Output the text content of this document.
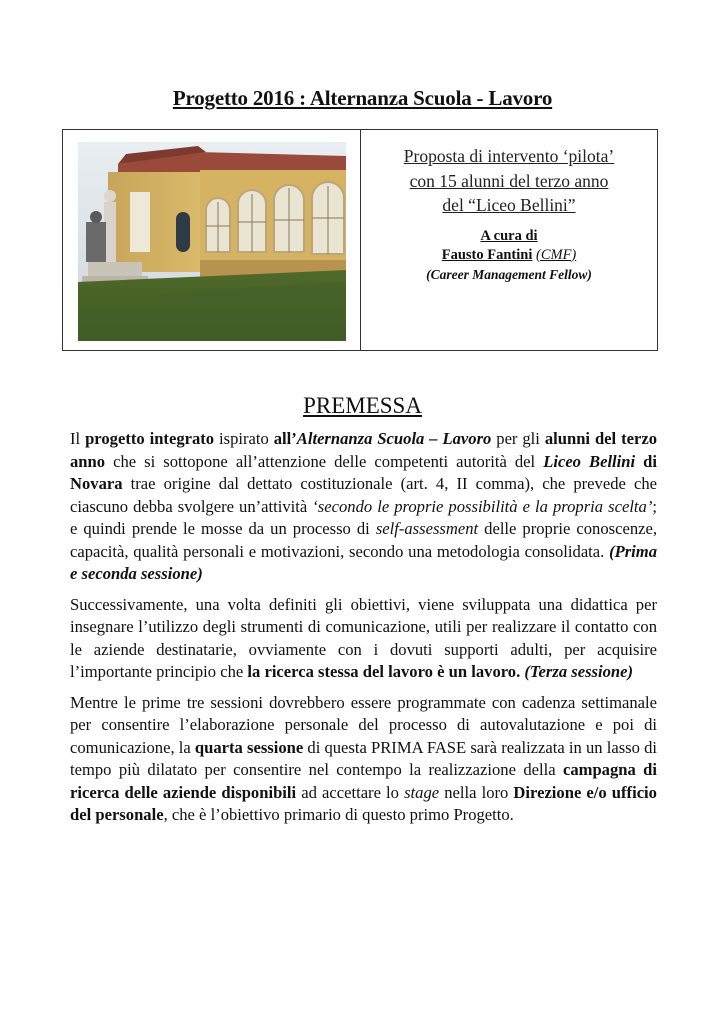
Progetto 2016 : Alternanza Scuola - Lavoro
Proposta di intervento ‘pilota’
con 15 alunni del terzo anno
del “Liceo Bellini”
A cura di
Fausto Fantini (CMF)
(Career Management Fellow)
PREMESSA

Il progetto integrato ispirato all’Alternanza Scuola – Lavoro per gli alunni del terzo anno che si sottopone all’attenzione delle competenti autorità del Liceo Bellini di Novara trae origine dal dettato costituzionale (art. 4, II comma), che prevede che ciascuno debba svolgere un’attività ‘secondo le proprie possibilità e la propria scelta’; e quindi prende le mosse da un processo di self-assessment delle proprie conoscenze, capacità, qualità personali e motivazioni, secondo una metodologia consolidata. (Prima e seconda sessione)

Successivamente, una volta definiti gli obiettivi, viene sviluppata una didattica per insegnare l’utilizzo degli strumenti di comunicazione, utili per realizzare il contatto con le aziende destinatarie, ovviamente con i dovuti supporti adulti, per acquisire l’importante principio che la ricerca stessa del lavoro è un lavoro. (Terza sessione)

Mentre le prime tre sessioni dovrebbero essere programmate con cadenza settimanale per consentire l’elaborazione personale del processo di autovalutazione e poi di comunicazione, la quarta sessione di questa PRIMA FASE sarà realizzata in un lasso di tempo più dilatato per consentire nel contempo la realizzazione della campagna di ricerca delle aziende disponibili ad accettare lo stage nella loro Direzione e/o ufficio del personale, che è l’obiettivo primario di questo primo Progetto.
